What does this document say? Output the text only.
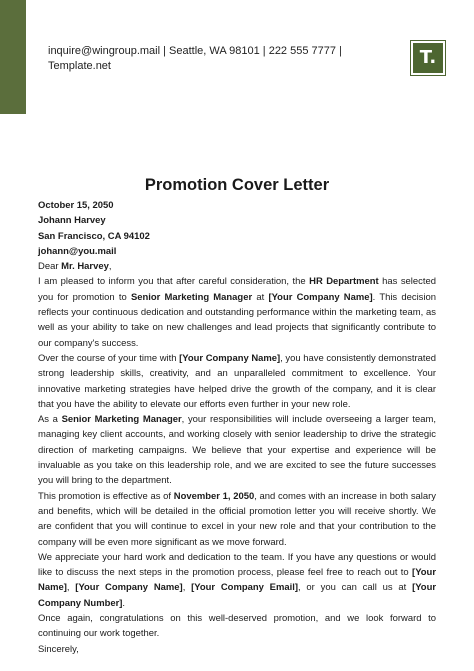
inquire@wingroup.mail | Seattle, WA 98101 | 222 555 7777 |
Template.net	T.
Promotion Cover Letter
October 15, 2050
Johann Harvey
San Francisco, CA 94102
johann@you.mail

Dear Mr. Harvey,

I am pleased to inform you that after careful consideration, the HR Department has selected you for promotion to Senior Marketing Manager at [Your Company Name]. This decision reflects your continuous dedication and outstanding performance within the marketing team, as well as your ability to take on new challenges and lead projects that significantly contribute to our company's success.

Over the course of your time with [Your Company Name], you have consistently demonstrated strong leadership skills, creativity, and an unparalleled commitment to excellence. Your innovative marketing strategies have helped drive the growth of the company, and it is clear that you have the ability to elevate our efforts even further in your new role.

As a Senior Marketing Manager, your responsibilities will include overseeing a larger team, managing key client accounts, and working closely with senior leadership to drive the strategic direction of marketing campaigns. We believe that your expertise and experience will be invaluable as you take on this leadership role, and we are excited to see the future successes you will bring to the department.

This promotion is effective as of November 1, 2050, and comes with an increase in both salary and benefits, which will be detailed in the official promotion letter you will receive shortly. We are confident that you will continue to excel in your new role and that your contribution to the company will be even more significant as we move forward.

We appreciate your hard work and dedication to the team. If you have any questions or would like to discuss the next steps in the promotion process, please feel free to reach out to [Your Name], [Your Company Name], [Your Company Email], or you can call us at [Your Company Number].

Once again, congratulations on this well-deserved promotion, and we look forward to continuing our work together.

Sincerely,
